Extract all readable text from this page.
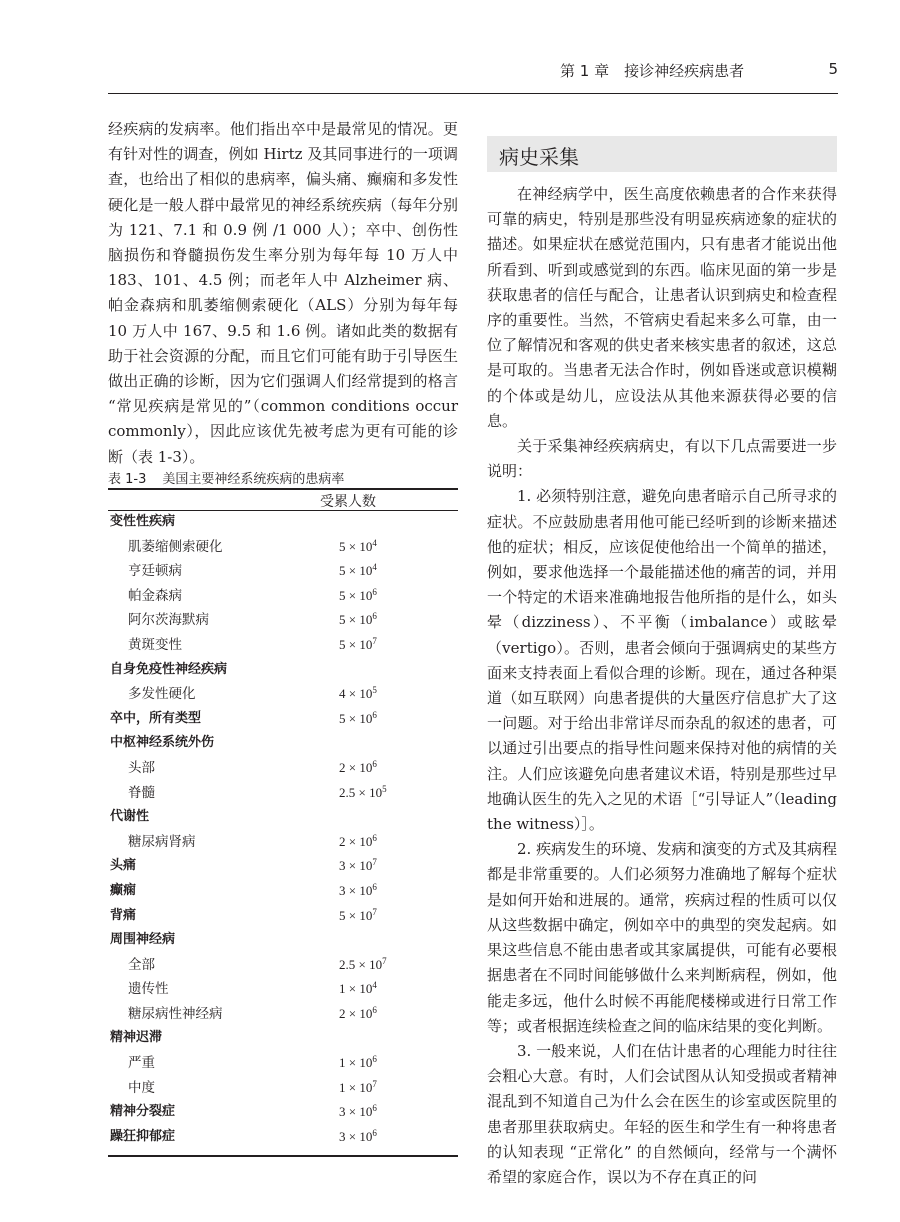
第 1 章　接诊神经疾病患者	5

经疾病的发病率。他们指出卒中是最常见的情况。更有针对性的调查，例如 Hirtz 及其同事进行的一项调查，也给出了相似的患病率，偏头痛、癫痫和多发性硬化是一般人群中最常见的神经系统疾病（每年分别为 121、7.1 和 0.9 例 /1 000 人）；卒中、创伤性脑损伤和脊髓损伤发生率分别为每年每 10 万人中 183、101、4.5 例；而老年人中 Alzheimer 病、帕金森病和肌萎缩侧索硬化（ALS）分别为每年每 10 万人中 167、9.5 和 1.6 例。诸如此类的数据有助于社会资源的分配，而且它们可能有助于引导医生做出正确的诊断，因为它们强调人们经常提到的格言 “常见疾病是常见的”（common conditions occur commonly），因此应该优先被考虑为更有可能的诊断（表 1-3）。

表 1-3 美国主要神经系统疾病的患病率
受累人数
变性性疾病
肌萎缩侧索硬化	$5 \times 10^4$
亨廷顿病	$5 \times 10^4$
帕金森病	$5 \times 10^6$
阿尔茨海默病	$5 \times 10^6$
黄斑变性	$5 \times 10^7$
自身免疫性神经疾病
多发性硬化	$4 \times 10^5$
卒中，所有类型	$5 \times 10^6$
中枢神经系统外伤
头部	$2 \times 10^6$
脊髓	$2.5 \times 10^5$
代谢性
糖尿病肾病	$2 \times 10^6$
头痛	$3 \times 10^7$
癫痫	$3 \times 10^6$
背痛	$5 \times 10^7$
周围神经病
全部	$2.5 \times 10^7$
遗传性	$1 \times 10^4$
糖尿病性神经病	$2 \times 10^6$
精神迟滞
严重	$1 \times 10^6$
中度	$1 \times 10^7$
精神分裂症	$3 \times 10^6$
躁狂抑郁症	$3 \times 10^6$
病史采集

在神经病学中，医生高度依赖患者的合作来获得可靠的病史，特别是那些没有明显疾病迹象的症状的描述。如果症状在感觉范围内，只有患者才能说出他所看到、听到或感觉到的东西。临床见面的第一步是获取患者的信任与配合，让患者认识到病史和检查程序的重要性。当然，不管病史看起来多么可靠，由一位了解情况和客观的供史者来核实患者的叙述，这总是可取的。当患者无法合作时，例如昏迷或意识模糊的个体或是幼儿，应设法从其他来源获得必要的信息。

关于采集神经疾病病史，有以下几点需要进一步说明：

1. 必须特别注意，避免向患者暗示自己所寻求的症状。不应鼓励患者用他可能已经听到的诊断来描述他的症状；相反，应该促使他给出一个简单的描述，例如，要求他选择一个最能描述他的痛苦的词，并用一个特定的术语来准确地报告他所指的是什么，如头晕（dizziness）、不平衡（imbalance）或眩晕（vertigo）。否则，患者会倾向于强调病史的某些方面来支持表面上看似合理的诊断。现在，通过各种渠道（如互联网）向患者提供的大量医疗信息扩大了这一问题。对于给出非常详尽而杂乱的叙述的患者，可以通过引出要点的指导性问题来保持对他的病情的关注。人们应该避免向患者建议术语，特别是那些过早地确认医生的先入之见的术语［“引导证人”（leading the witness）］。

2. 疾病发生的环境、发病和演变的方式及其病程都是非常重要的。人们必须努力准确地了解每个症状是如何开始和进展的。通常，疾病过程的性质可以仅从这些数据中确定，例如卒中的典型的突发起病。如果这些信息不能由患者或其家属提供，可能有必要根据患者在不同时间能够做什么来判断病程，例如，他能走多远，他什么时候不再能爬楼梯或进行日常工作等；或者根据连续检查之间的临床结果的变化判断。

3. 一般来说，人们在估计患者的心理能力时往往会粗心大意。有时，人们会试图从认知受损或者精神混乱到不知道自己为什么会在医生的诊室或医院里的患者那里获取病史。年轻的医生和学生有一种将患者的认知表现 “正常化” 的自然倾向，经常与一个满怀希望的家庭合作，误以为不存在真正的问
